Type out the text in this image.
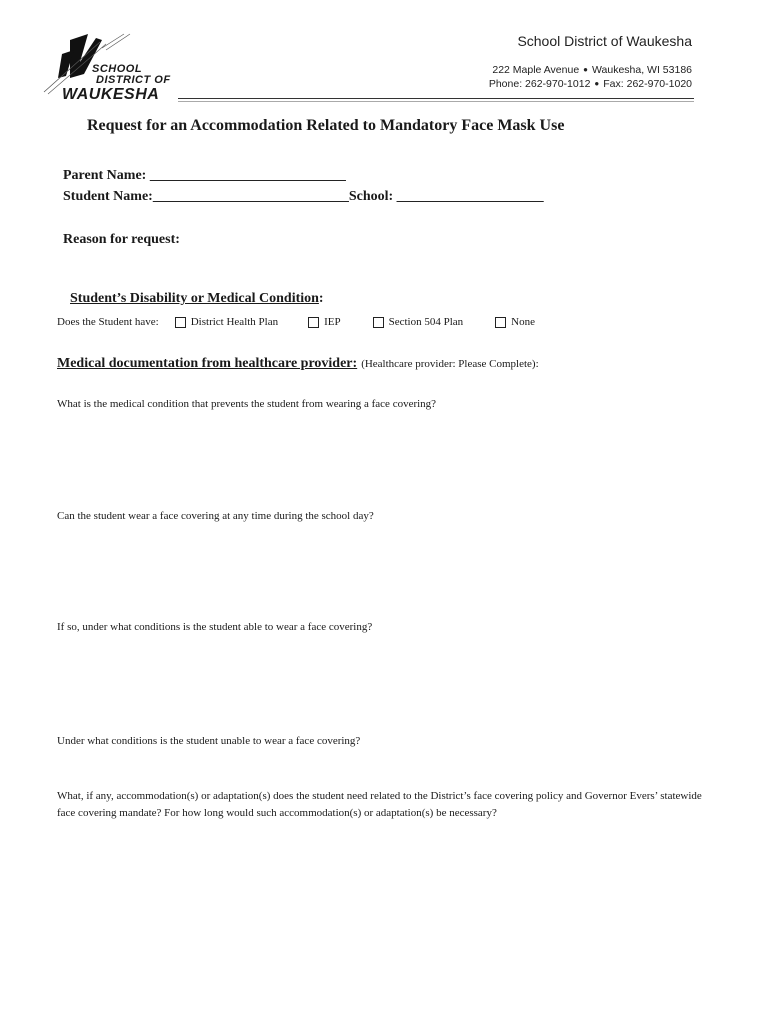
SCHOOL
DISTRICT OF
WAUKESHA
School District of Waukesha
222 Maple Avenue ● Waukesha, WI 53186
Phone: 262-970-1012 ● Fax: 262-970-1020
Request for an Accommodation Related to Mandatory Face Mask Use
Parent Name: ____________________________
Student Name:____________________________School: _____________________
Reason for request:

Student’s Disability or Medical Condition:

Does the Student have:	District Health Plan	IEP	Section 504 Plan	None
Medical documentation from healthcare provider: (Healthcare provider: Please Complete):
What is the medical condition that prevents the student from wearing a face covering?
Can the student wear a face covering at any time during the school day?
If so, under what conditions is the student able to wear a face covering?
Under what conditions is the student unable to wear a face covering?
What, if any, accommodation(s) or adaptation(s) does the student need related to the District’s face covering policy and Governor Evers’ statewide face covering mandate? For how long would such accommodation(s) or adaptation(s) be necessary?
